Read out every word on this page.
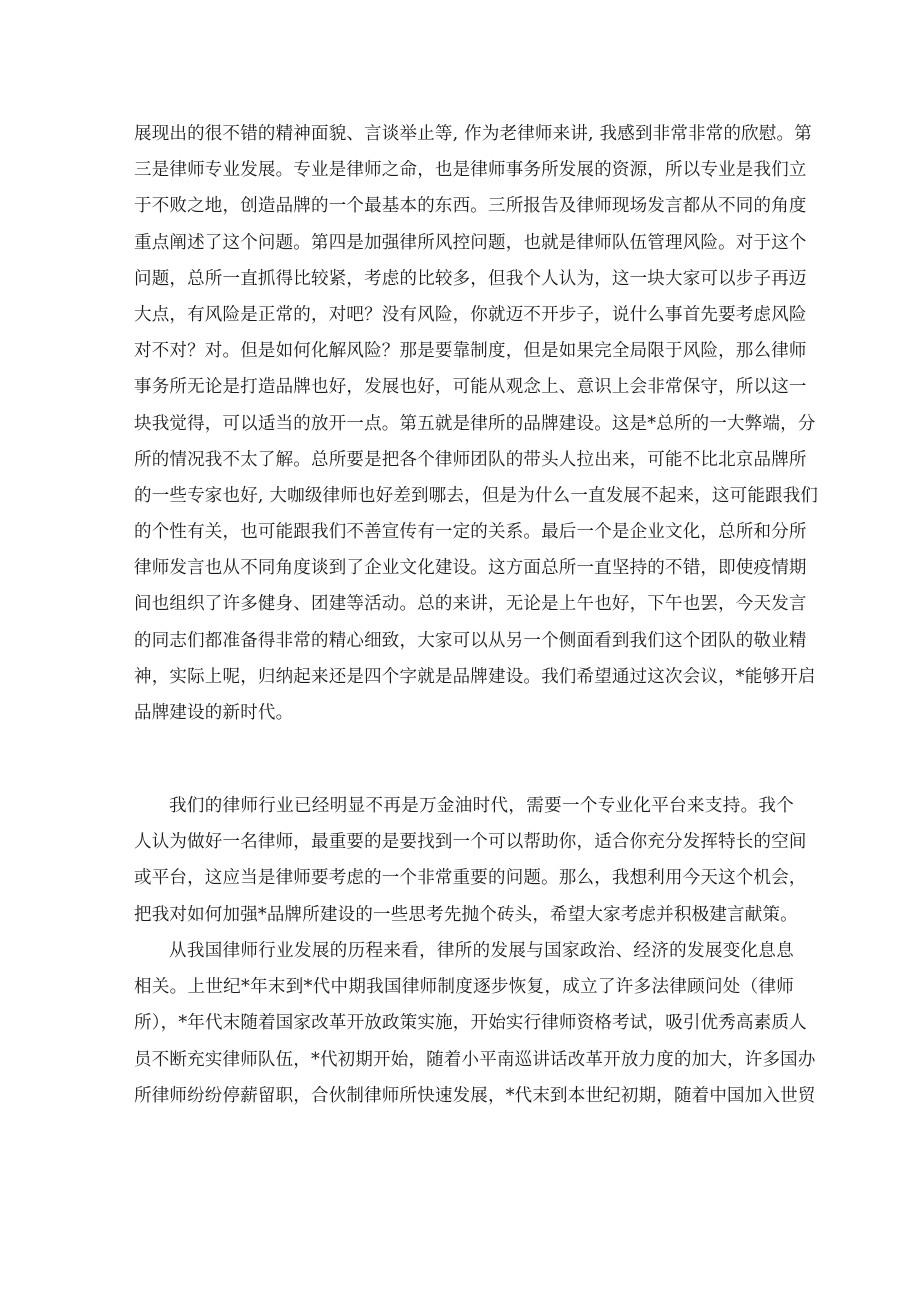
展现出的很不错的精神面貌、言谈举止等, 作为老律师来讲, 我感到非常非常的欣慰。第
三是律师专业发展。专业是律师之命，也是律师事务所发展的资源，所以专业是我们立
于不败之地，创造品牌的一个最基本的东西。三所报告及律师现场发言都从不同的角度
重点阐述了这个问题。第四是加强律所风控问题，也就是律师队伍管理风险。对于这个
问题，总所一直抓得比较紧，考虑的比较多，但我个人认为，这一块大家可以步子再迈
大点，有风险是正常的，对吧？没有风险，你就迈不开步子，说什么事首先要考虑风险
对不对？对。但是如何化解风险？那是要靠制度，但是如果完全局限于风险，那么律师
事务所无论是打造品牌也好，发展也好，可能从观念上、意识上会非常保守，所以这一
块我觉得，可以适当的放开一点。第五就是律所的品牌建设。这是*总所的一大弊端，分
所的情况我不太了解。总所要是把各个律师团队的带头人拉出来，可能不比北京品牌所
的一些专家也好, 大咖级律师也好差到哪去，但是为什么一直发展不起来，这可能跟我们
的个性有关，也可能跟我们不善宣传有一定的关系。最后一个是企业文化，总所和分所
律师发言也从不同角度谈到了企业文化建设。这方面总所一直坚持的不错，即使疫情期
间也组织了许多健身、团建等活动。总的来讲，无论是上午也好，下午也罢，今天发言
的同志们都准备得非常的精心细致，大家可以从另一个侧面看到我们这个团队的敬业精
神，实际上呢，归纳起来还是四个字就是品牌建设。我们希望通过这次会议，*能够开启
品牌建设的新时代。
我们的律师行业已经明显不再是万金油时代，需要一个专业化平台来支持。我个
人认为做好一名律师，最重要的是要找到一个可以帮助你，适合你充分发挥特长的空间
或平台，这应当是律师要考虑的一个非常重要的问题。那么，我想利用今天这个机会，
把我对如何加强*品牌所建设的一些思考先抛个砖头，希望大家考虑并积极建言献策。
从我国律师行业发展的历程来看，律所的发展与国家政治、经济的发展变化息息
相关。上世纪*年末到*代中期我国律师制度逐步恢复，成立了许多法律顾问处（律师
所），*年代末随着国家改革开放政策实施，开始实行律师资格考试，吸引优秀高素质人
员不断充实律师队伍，*代初期开始，随着小平南巡讲话改革开放力度的加大，许多国办
所律师纷纷停薪留职，合伙制律师所快速发展，*代末到本世纪初期，随着中国加入世贸
